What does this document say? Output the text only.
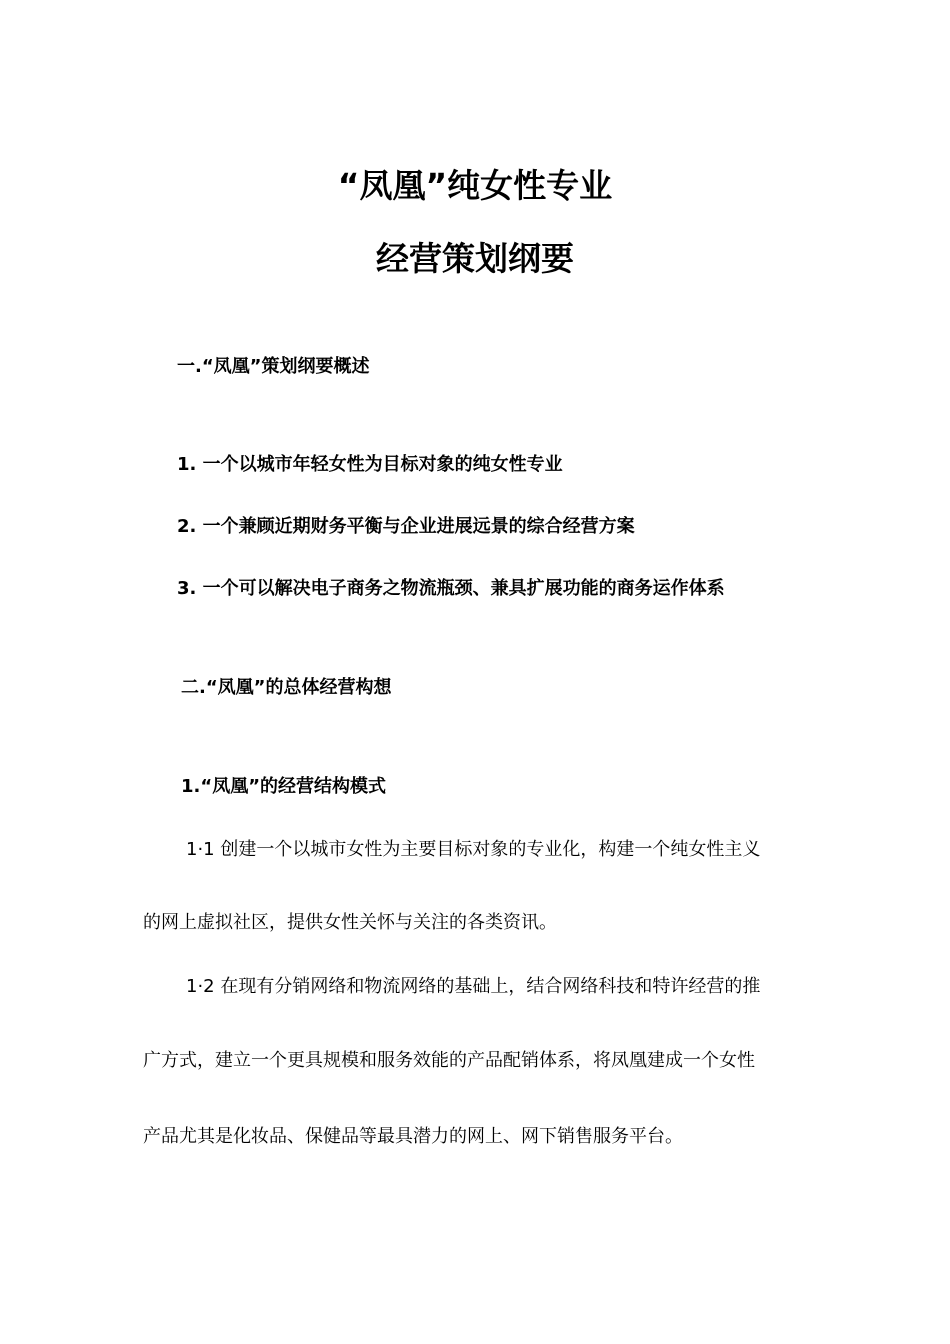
“凤凰”纯女性专业
经营策划纲要
一.“凤凰”策划纲要概述
1. 一个以城市年轻女性为目标对象的纯女性专业
2. 一个兼顾近期财务平衡与企业进展远景的综合经营方案
3. 一个可以解决电子商务之物流瓶颈、兼具扩展功能的商务运作体系
二.“凤凰”的总体经营构想
1.“凤凰”的经营结构模式
1·1 创建一个以城市女性为主要目标对象的专业化，构建一个纯女性主义
的网上虚拟社区，提供女性关怀与关注的各类资讯。
1·2 在现有分销网络和物流网络的基础上，结合网络科技和特许经营的推
广方式，建立一个更具规模和服务效能的产品配销体系，将凤凰建成一个女性
产品尤其是化妆品、保健品等最具潜力的网上、网下销售服务平台。
